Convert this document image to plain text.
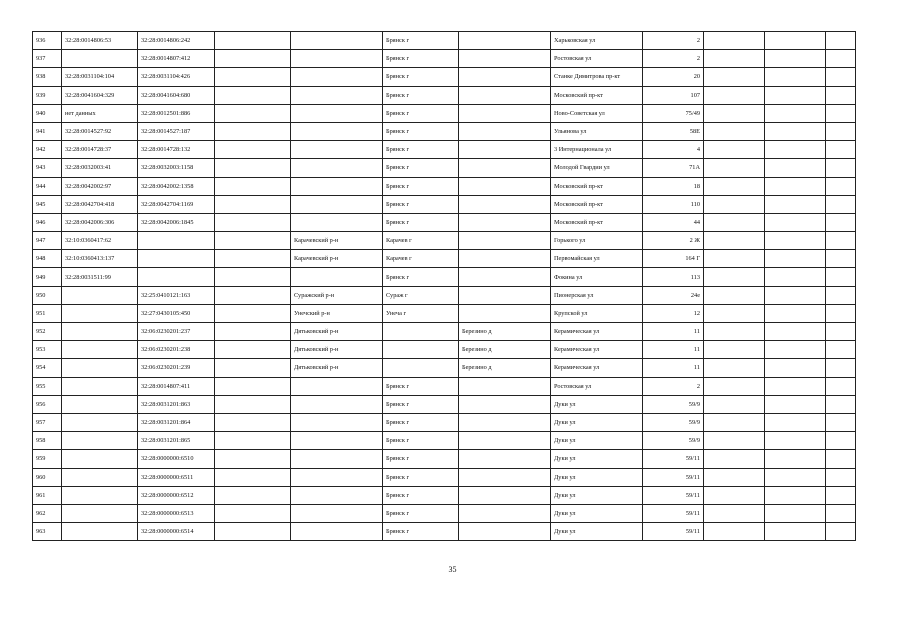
936	32:28:0014806:53	32:28:0014806:242			Брянск г		Харьковская ул	2			
937		32:28:0014807:412			Брянск г		Ростовская ул	2			
938	32:28:0031104:104	32:28:0031104:426			Брянск г		Станке Димитрова пр-кт	20			
939	32:28:0041604:329	32:28:0041604:680			Брянск г		Московский пр-кт	107			
940	нет данных	32:28:0012501:886			Брянск г		Ново-Советская ул	75/49			
941	32:28:0014527:92	32:28:0014527:187			Брянск г		Ульянова ул	58Е			
942	32:28:0014728:37	32:28:0014728:132			Брянск г		3 Интернационала ул	4			
943	32:28:0032003:41	32:28:0032003:1158			Брянск г		Молодой Гвардии ул	71А			
944	32:28:0042002:97	32:28:0042002:1358			Брянск г		Московский пр-кт	18			
945	32:28:0042704:418	32:28:0042704:1169			Брянск г		Московский пр-кт	110			
946	32:28:0042006:306	32:28:0042006:1845			Брянск г		Московский пр-кт	44			
947	32:10:0360417:62			Карачевский р-н	Карачев г		Горького ул	2 Ж			
948	32:10:0360413:137			Карачевский р-н	Карачев г		Первомайская ул	164 Г			
949	32:28:0031511:99				Брянск г		Фокина ул	113			
950		32:25:0410121:163		Суражский р-н	Сураж г		Пионерская ул	24е			
951		32:27:0430105:450		Унечский р-н	Унеча г		Крупской ул	12			
952		32:06:0230201:237		Дятьковский р-н		Березино д	Керамическая ул	11			
953		32:06:0230201:238		Дятьковский р-н		Березино д	Керамическая ул	11			
954		32:06:0230201:239		Дятьковский р-н		Березино д	Керамическая ул	11			
955		32:28:0014807:411			Брянск г		Ростовская ул	2			
956		32:28:0031201:863			Брянск г		Дуки ул	59/9			
957		32:28:0031201:864			Брянск г		Дуки ул	59/9			
958		32:28:0031201:865			Брянск г		Дуки ул	59/9			
959		32:28:0000000:6510			Брянск г		Дуки ул	59/11			
960		32:28:0000000:6511			Брянск г		Дуки ул	59/11			
961		32:28:0000000:6512			Брянск г		Дуки ул	59/11			
962		32:28:0000000:6513			Брянск г		Дуки ул	59/11			
963		32:28:0000000:6514			Брянск г		Дуки ул	59/11			
35
